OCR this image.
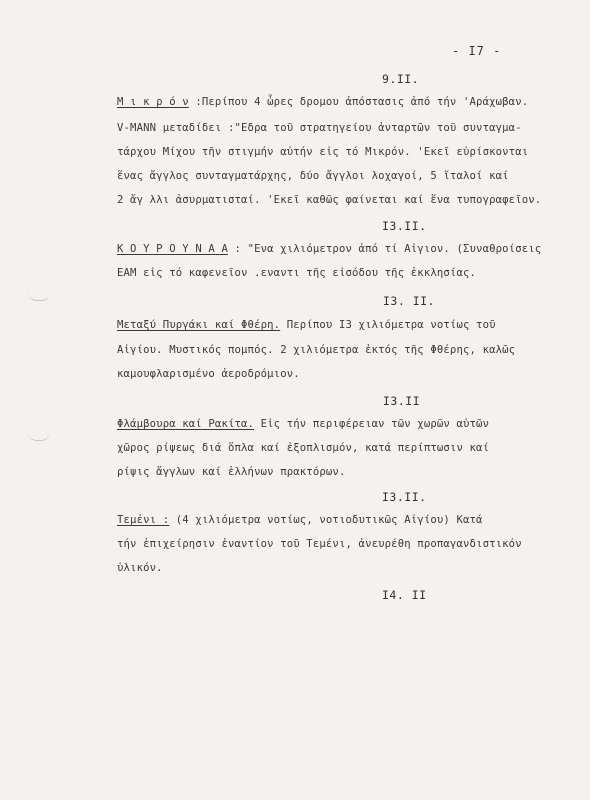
- I7 -
9.II.
Μ ι κ ρ ό ν :Περίπου 4 ὧρες δρομου ἀπόστασις ἀπό τήν 'Αράχωβαν.
V-MANN μεταδίδει :"Εδρα τοῦ στρατηγείου ἀνταρτῶν τοῦ συνταγμα-
τάρχου Μίχου τῆν στιγμήν αὐτήν εἰς τό Μικρόν. 'Εκεῖ εὑρίσκονται
ἕνας ἄγγλος συνταγματάρχης, δύο ἄγγλοι λοχαγοί, 5 ἴταλοί καί
2 ἄγ λλι ἀσυρματισταί. 'Εκεῖ καθῶς φαίνεται καί ἕνα τυπογραφεῖον.
I3.II.
Κ Ο Υ Ρ Ο Υ Ν Α Α : "Ενα χιλιόμετρον ἀπό τί Αἰγιον. (Συναθροίσεις
ΕΑΜ εἰς τό καφενεῖον .εναντι τῆς εἰσόδου τῆς ἐκκλησίας.
I3. II.
Μεταξύ Πυργάκι καί Φθέρη. Περίπου I3 χιλιόμετρα νοτίως τοῦ
Αἰγίου. Μυστικός πομπός. 2 χιλιόμετρα ἐκτός τῆς Φθέρης, καλῶς
καμουφλαρισμένο ἀεροδρόμιον.
I3.II
Φλάμβουρα καί Ρακίτα. Εἰς τήν περιφέρειαν τῶν χωρῶν αὐτῶν
χῶρος ρίψεως διά ὅπλα καί ἐξοπλισμόν, κατά περίπτωσιν καί
ρίψις ἄγγλων καί ἑλλήνων πρακτόρων.
I3.II.
Τεμένι : (4 χιλιόμετρα νοτίως, νοτιοδυτικῶς Αἰγίου) Κατά
τήν ἐπιχείρησιν ἐναντίον τοῦ Τεμένι, ἀνευρέθη προπαγανδιστικόν
ὑλικόν.
I4. II
